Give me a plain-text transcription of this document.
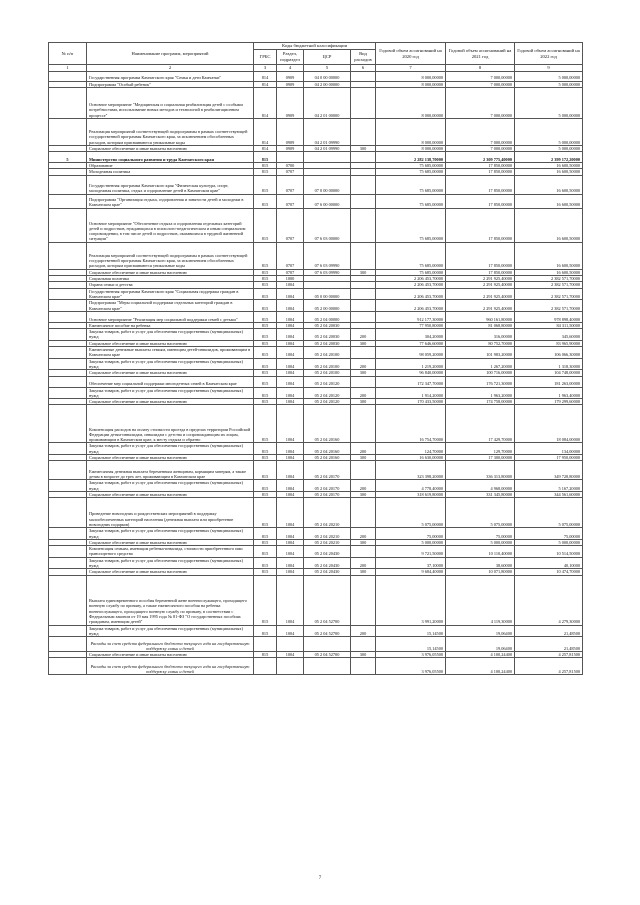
№ п/п	Наименование программ, мероприятий	Коды бюджетной классификации				Годовой объем ассигнований на 2020 год	Годовой объем ассигнований на 2021 год	Годовой объем ассигнований на 2022 год
		ГРБС	Раздел, подраздел	ЦСР	Вид расходов			
1	2	3	4	5	6	7	8	9
	Государственная программа Камчатского края "Семья и дети Камчатки"	814	0909	04 0 00 00000		8 000,00000	7 000,00000	5 000,00000
	Подпрограмма "Особый ребенок"	814	0909	04 2 00 00000		8 000,00000	7 000,00000	5 000,00000
	Основное мероприятие "Медицинская и социальная реабилитация детей с особыми потребностями, использование новых методов и технологий в реабилитационном процессе"	814	0909	04 2 01 00000		8 000,00000	7 000,00000	5 000,00000
	Реализация мероприятий соответствующей подпрограммы в рамках соответствующей государственной программы Камчатского края, за исключением обособленных расходов, которым присваиваются уникальные коды	814	0909	04 2 01 09990		8 000,00000	7 000,00000	5 000,00000
	Социальное обеспечение и иные выплаты населению	814	0909	04 2 01 09990	300	8 000,00000	7 000,00000	5 000,00000
5	Министерство социального развития и труда Камчатского края	815				2 282 138,70000	2 309 775,40000	2 399 172,20000
	Образование	815	0700			75 685,00000	17 850,00000	16 600,50000
	Молодежная политика	815	0707			75 685,00000	17 850,00000	16 600,50000
	Государственная программа Камчатского края "Физическая культура, спорт, молодежная политика, отдых и оздоровление детей в Камчатском крае"	815	0707	07 0 00 00000		75 685,00000	17 850,00000	16 600,50000
	Подпрограмма "Организация отдыха, оздоровления и занятости детей и молодежи в Камчатском крае"	815	0707	07 6 00 00000		75 685,00000	17 850,00000	16 600,50000
	Основное мероприятие "Обеспечение отдыха и оздоровления отдельных категорий детей и подростков, нуждающихся в психолого-педагогическом и иным специальном сопровождении, в том числе детей и подростков, оказавшихся в трудной жизненной ситуации"	815	0707	07 6 03 00000		75 685,00000	17 850,00000	16 600,50000
	Реализация мероприятий соответствующей подпрограммы в рамках соответствующей государственной программы Камчатского края, за исключением обособленных расходов, которым присваиваются уникальные коды	815	0707	07 6 03 09990		75 685,00000	17 850,00000	16 600,50000
	Социальное обеспечение и иные выплаты населению	815	0707	07 6 03 09990	300	75 685,00000	17 850,00000	16 600,50000
	Социальная политика	815	1000			2 206 453,70000	2 291 925,40000	2 382 571,70000
	Охрана семьи и детства	815	1004			2 206 453,70000	2 291 925,40000	2 382 571,70000
	Государственная программа Камчатского края "Социальная поддержка граждан в Камчатском крае"	815	1004	05 0 00 00000		2 206 453,70000	2 291 925,40000	2 382 571,70000
	Подпрограмма "Меры социальной поддержки отдельных категорий граждан в Камчатском крае"	815	1004	05 2 00 00000		2 206 453,70000	2 291 925,40000	2 382 571,70000
	Основное мероприятие "Реализация мер социальной поддержки семей с детьми"	815	1004	05 2 04 00000		912 177,30000	960 161,80000	978 898,40000
	Ежемесячное пособие на ребенка	815	1004	05 2 04 20030		77 950,80000	81 068,80000	84 311,50000
	Закупка товаров, работ и услуг для обеспечения государственных (муниципальных) нужд	815	1004	05 2 04 20030	200	304,20000	316,00000	345,60000
	Социальное обеспечение и иные выплаты населению	815	1004	05 2 04 20030	300	77 646,60000	80 752,70000	83 965,90000
	Ежемесячные денежные выплаты семьям, имеющим детей-инвалидов, проживающим в Камчатском крае	815	1004	05 2 04 20100		98 059,20000	101 983,20000	106 066,30000
	Закупка товаров, работ и услуг для обеспечения государственных (муниципальных) нужд	815	1004	05 2 04 20100	200	1 219,20000	1 267,20000	1 318,30000
	Социальное обеспечение и иные выплаты населению	815	1004	05 2 04 20100	300	96 840,00000	100 716,00000	104 748,00000
	Обеспечение мер социальной поддержки многодетных семей в Камчатском крае	815	1004	05 2 04 20120		172 347,70000	176 721,30000	181 263,00000
	Закупка товаров, работ и услуг для обеспечения государственных (муниципальных) нужд	815	1004	05 2 04 20120	200	1 914,20000	1 963,20000	1 963,40000
	Социальное обеспечение и иные выплаты населению	815	1004	05 2 04 20120	300	170 433,50000	174 758,00000	179 299,60000
	Компенсация расходов на оплату стоимости проезда в пределах территории Российской Федерации детям-инвалидам, инвалидам с детства и сопровождающим их лицам, проживающим в Камчатском крае, к месту отдыха и обратно	815	1004	05 2 04 20160		16 754,70000	17 429,70000	18 084,00000
	Закупка товаров, работ и услуг для обеспечения государственных (муниципальных) нужд	815	1004	05 2 04 20160	200	124,70000	129,70000	134,00000
	Социальное обеспечение и иные выплаты населению	815	1004	05 2 04 20160	300	16 630,00000	17 300,00000	17 950,00000
	Ежемесячная денежная выплата беременным женщинам, кормящим матерям, а также детям в возрасте до трех лет, проживающим в Камчатском крае	815	1004	05 2 04 20170		323 398,20000	336 313,80000	349 728,80000
	Закупка товаров, работ и услуг для обеспечения государственных (муниципальных) нужд	815	1004	05 2 04 20170	200	4 778,40000	4 968,00000	5 167,20000
	Социальное обеспечение и иные выплаты населению	815	1004	05 2 04 20170	300	318 619,80000	331 345,80000	344 561,60000
	Проведение новогодних и рождественских мероприятий в поддержку малообеспеченных категорий населения (денежная выплата или приобретение новогодних подарков)	815	1004	05 2 04 20210		5 075,00000	5 075,00000	5 075,00000
	Закупка товаров, работ и услуг для обеспечения государственных (муниципальных) нужд	815	1004	05 2 04 20210	200	75,00000	75,00000	75,00000
	Социальное обеспечение и иные выплаты населению	815	1004	05 2 04 20210	300	5 000,00000	5 000,00000	5 000,00000
	Компенсация семьям, имеющим ребенка-инвалида, стоимости приобретенного ими транспортного средства	815	1004	05 2 04 20430		9 721,50000	10 110,40000	10 514,50000
	Закупка товаров, работ и услуг для обеспечения государственных (муниципальных) нужд	815	1004	05 2 04 20430	200	37,10000	38,60000	40,10000
	Социальное обеспечение и иные выплаты населению	815	1004	05 2 04 20430	300	9 684,40000	10 071,80000	10 474,70000
	Выплата единовременного пособия беременной жене военнослужащего, проходящего военную службу по призыву, а также ежемесячного пособия на ребенка военнослужащего, проходящего военную службу по призыву, в соответствии с Федеральным законом от 19 мая 1995 года № 81-ФЗ "О государственных пособиях гражданам, имеющим детей"	815	1004	05 2 04 52700		3 991,20000	4 119,30000	4 279,30000
	Закупка товаров, работ и услуг для обеспечения государственных (муниципальных) нужд	815	1004	05 2 04 52700	200	15,14500	19,06400	21,48500
	Расходы за счет средств федерального бюджета текущего года на государственную поддержку семьи и детей					15,14500	19,06400	21,48500
	Социальное обеспечение и иные выплаты населению	815	1004	05 2 04 52700	300	3 976,05500	4 100,24400	4 257,81500
	Расходы за счет средств федерального бюджета текущего года на государственную поддержку семьи и детей					3 976,05500	4 100,24400	4 257,81500
7
